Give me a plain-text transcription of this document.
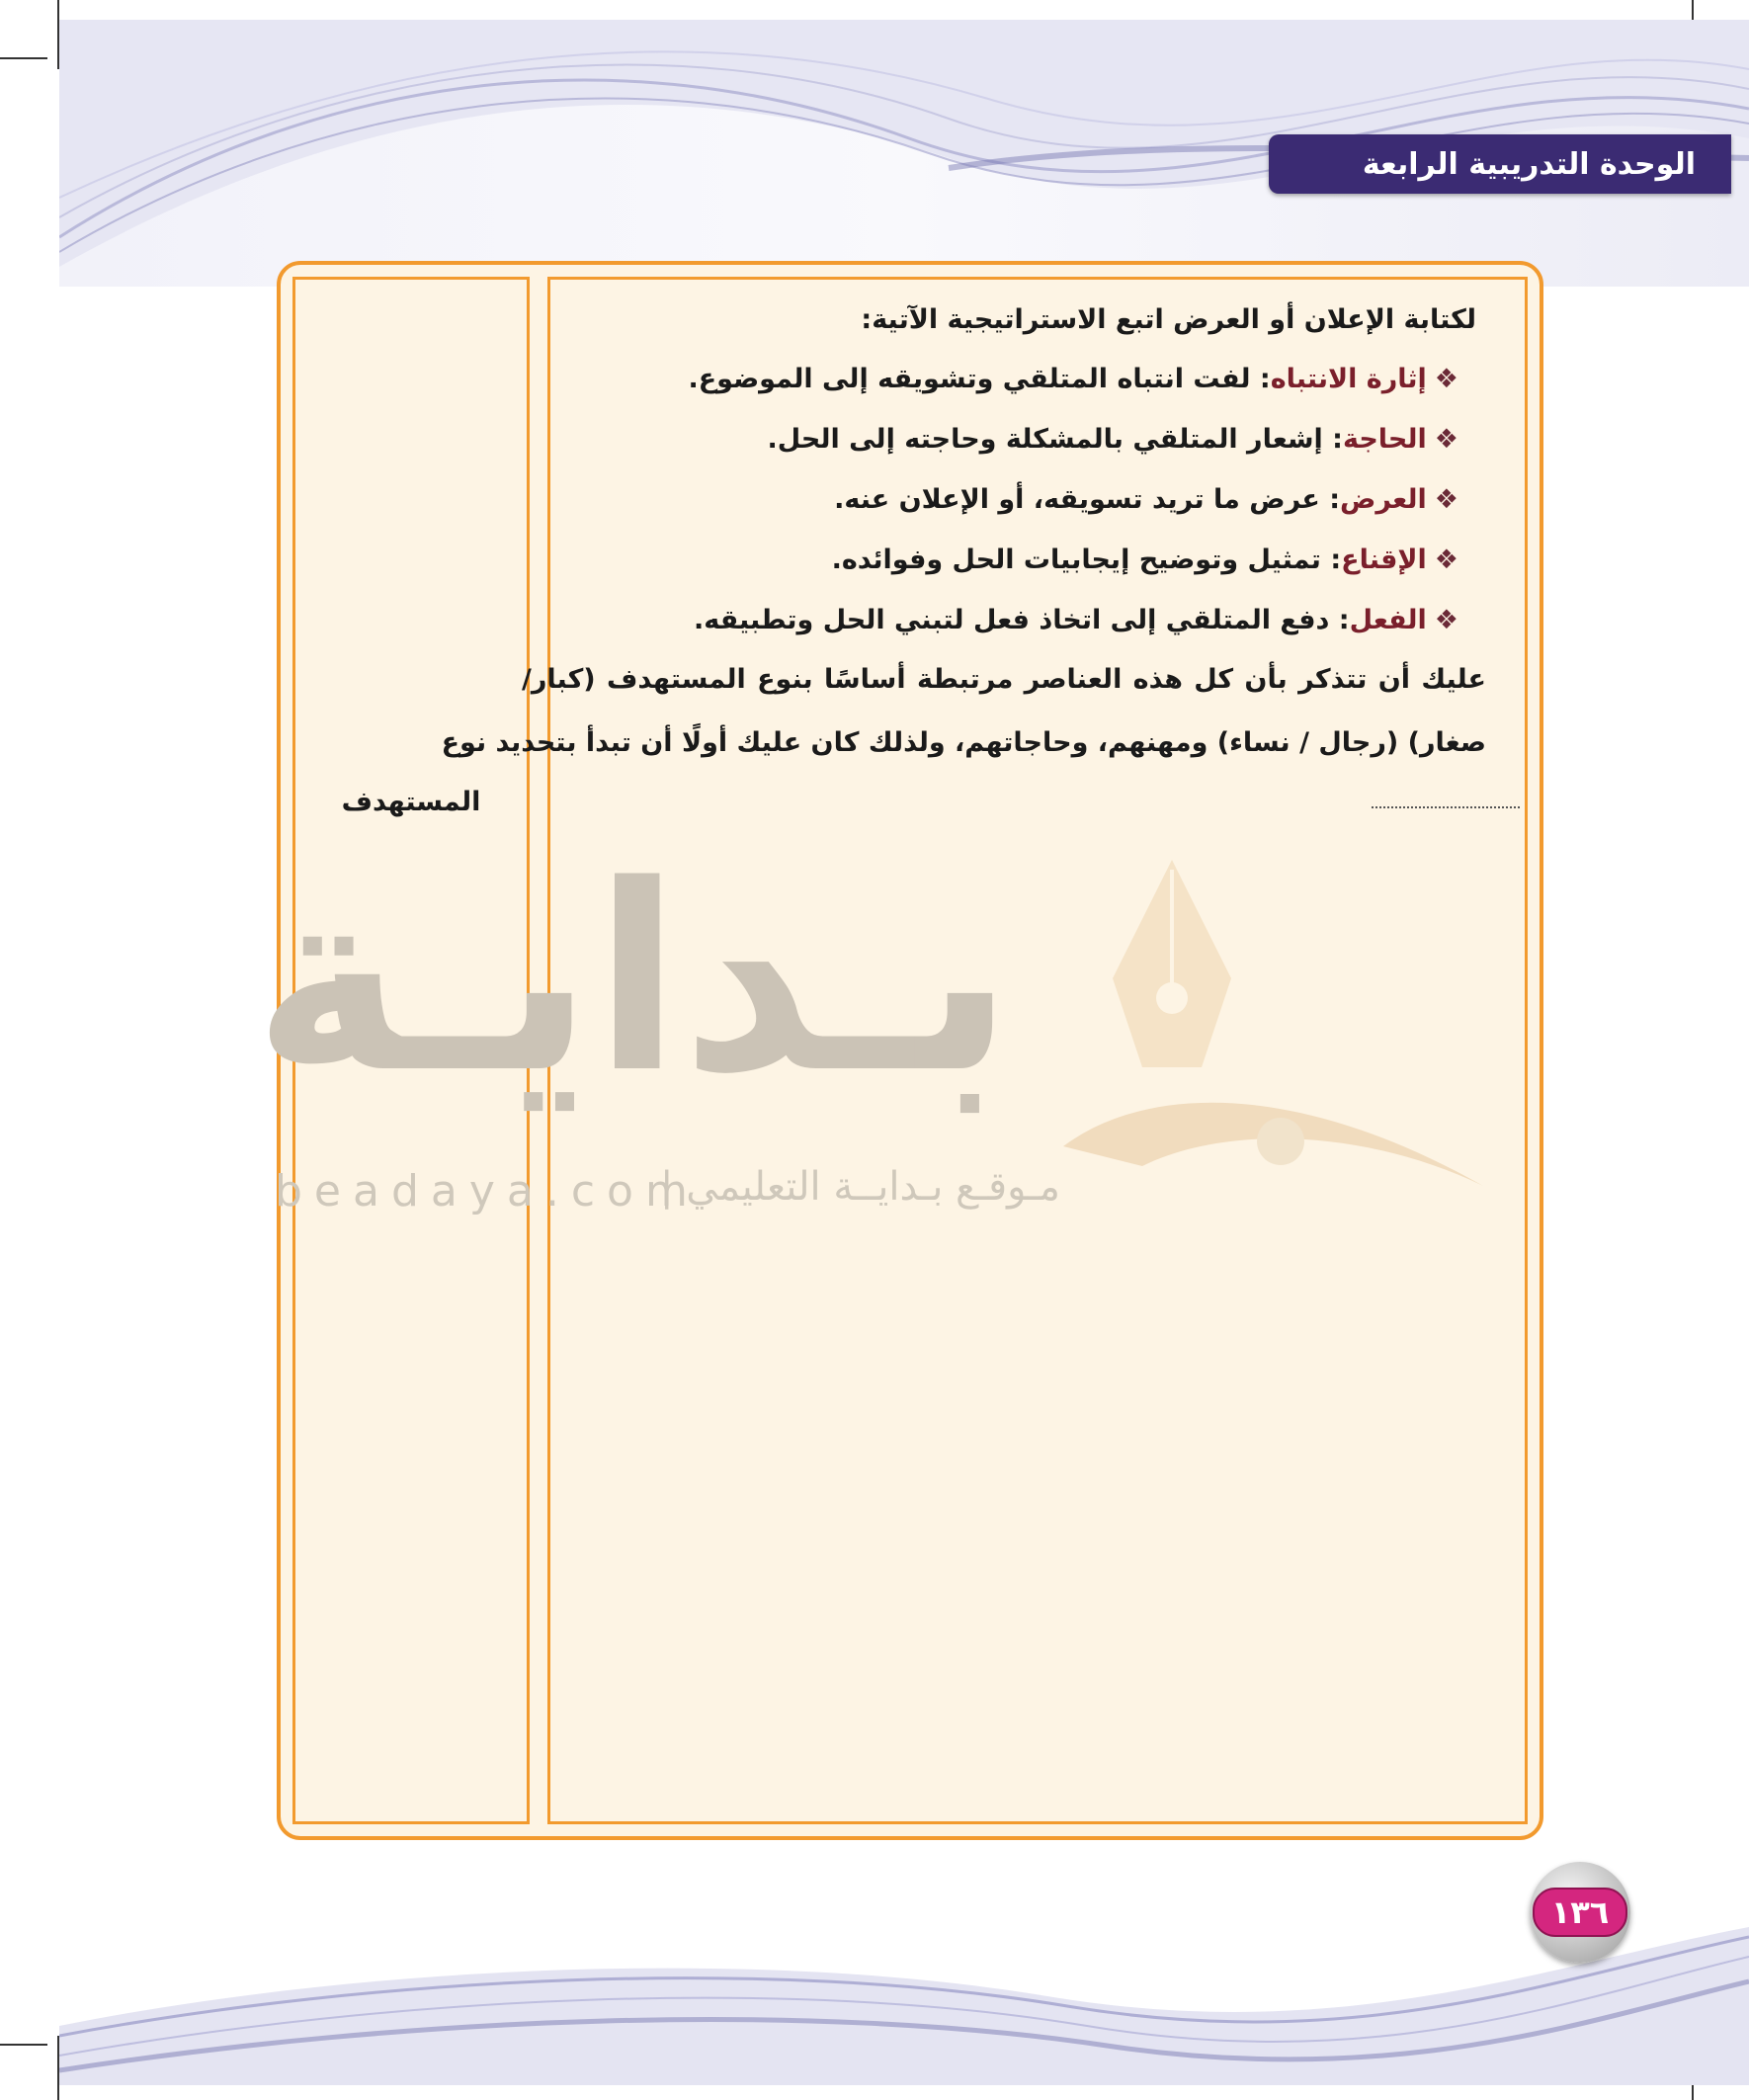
الوحدة التدريبية الرابعة
المستهدف
لكتابة الإعلان أو العرض اتبع الاستراتيجية الآتية:
❖إثارة الانتباه: لفت انتباه المتلقي وتشويقه إلى الموضوع.
❖الحاجة: إشعار المتلقي بالمشكلة وحاجته إلى الحل.
❖العرض: عرض ما تريد تسويقه، أو الإعلان عنه.
❖الإقناع: تمثيل وتوضيح إيجابيات الحل وفوائده.
❖الفعل: دفع المتلقي إلى اتخاذ فعل لتبني الحل وتطبيقه.
عليك أن تتذكر بأن كل هذه العناصر مرتبطة أساسًا بنوع المستهدف (كبار/
صغار) (رجال / نساء) ومهنهم، وحاجاتهم، ولذلك كان عليك أولًا أن تبدأ بتحديد نوع
بـدايـة
مـوقـع بـدايــة التعليمي |
beadaya.com
١٣٦
